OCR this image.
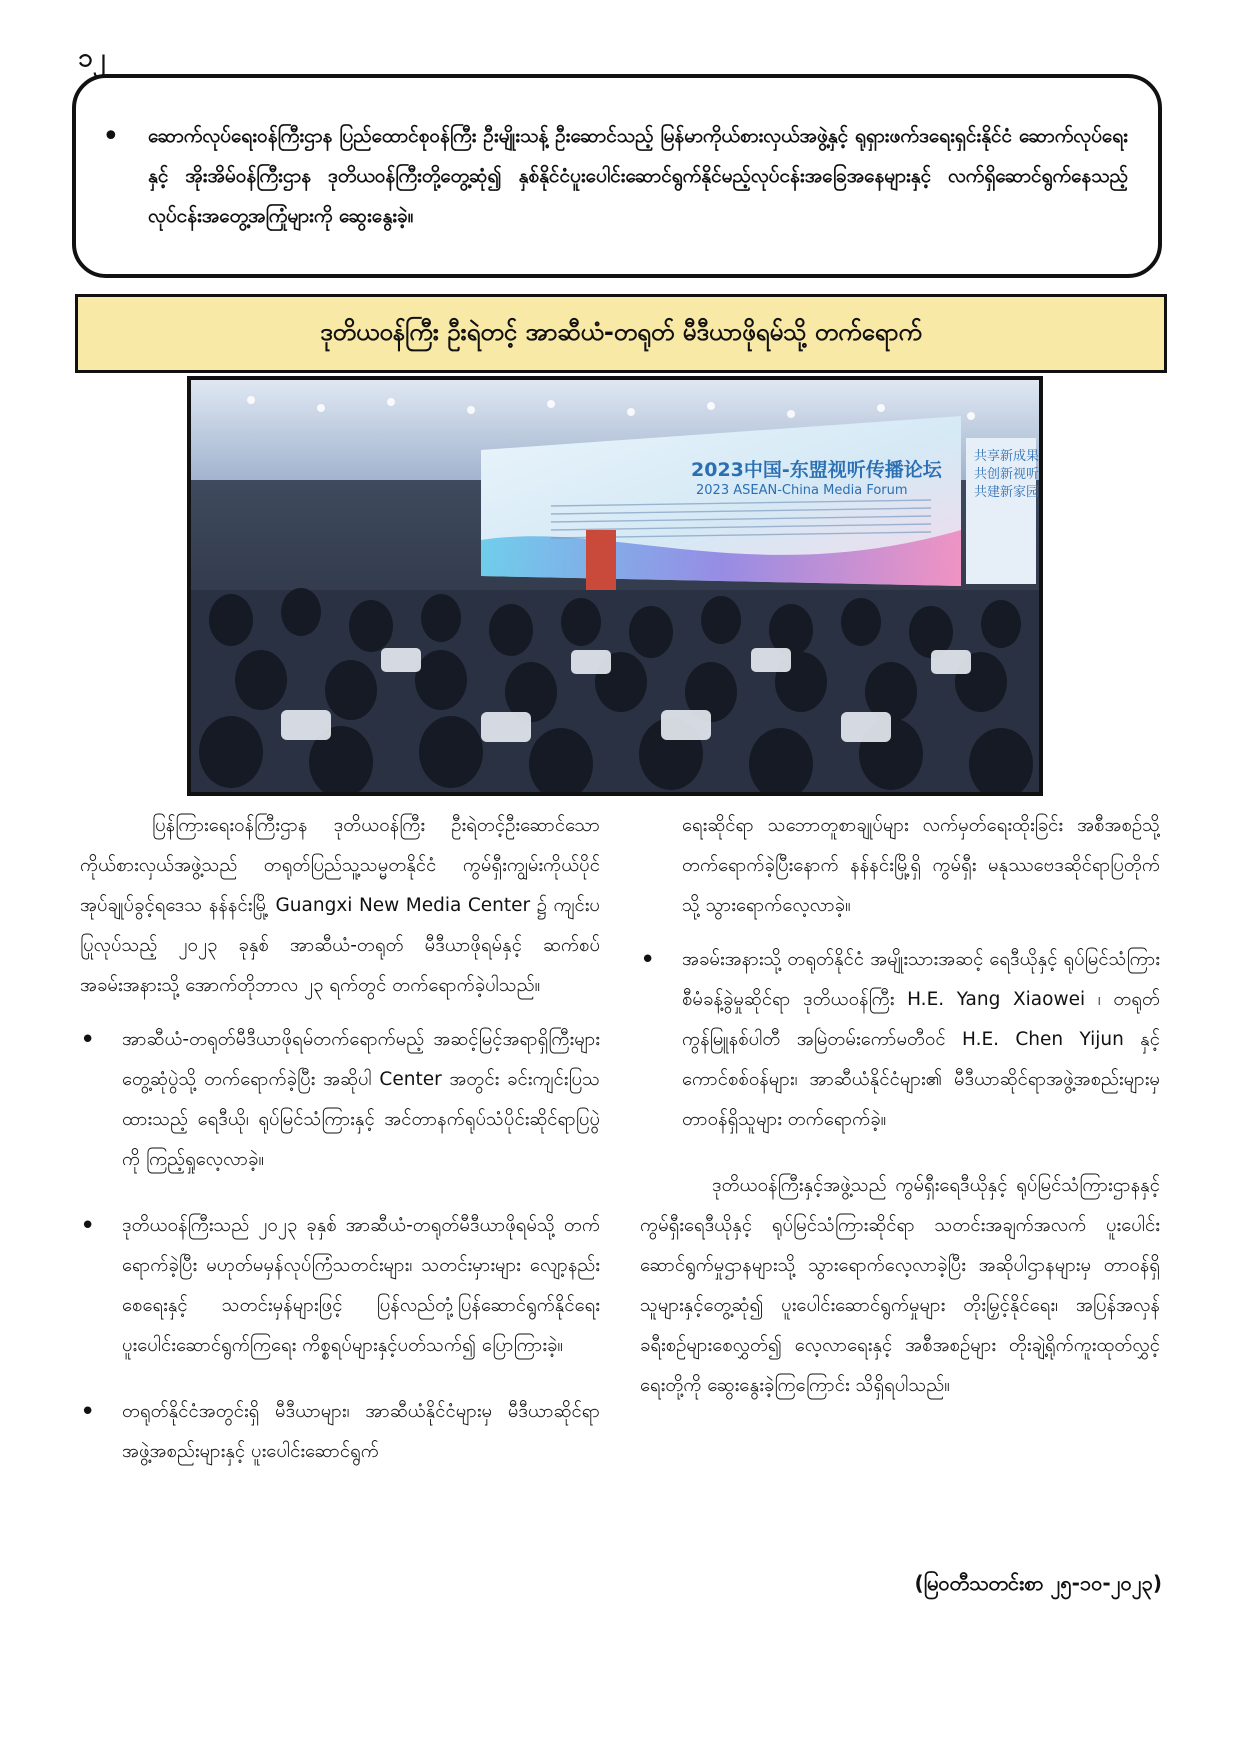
၁၂
• ဆောက်လုပ်ရေးဝန်ကြီးဌာန ပြည်ထောင်စုဝန်ကြီး ဦးမျိုးသန့် ဦးဆောင်သည့် မြန်မာကိုယ်စားလှယ်အဖွဲ့နှင့် ရုရှားဖက်ဒရေးရှင်းနိုင်ငံ ဆောက်လုပ်ရေးနှင့် အိုးအိမ်ဝန်ကြီးဌာန ဒုတိယဝန်ကြီးတို့တွေ့ဆုံ၍ နှစ်နိုင်ငံပူးပေါင်းဆောင်ရွက်နိုင်မည့်လုပ်ငန်းအခြေအနေများနှင့် လက်ရှိဆောင်ရွက်နေသည့် လုပ်ငန်းအတွေ့အကြုံများကို ဆွေးနွေးခဲ့။
ဒုတိယဝန်ကြီး ဦးရဲတင့် အာဆီယံ-တရုတ် မီဒီယာဖိုရမ်သို့ တက်ရောက်
2023中国-东盟视听传播论坛
2023 ASEAN-China Media Forum
共享新成果
共创新视听
共建新家园

ပြန်ကြားရေးဝန်ကြီးဌာန ဒုတိယဝန်ကြီး ဦးရဲတင့်ဦးဆောင်သော ကိုယ်စားလှယ်အဖွဲ့သည် တရုတ်ပြည်သူ့သမ္မတနိုင်ငံ ကွမ်ရှီးကျွမ်းကိုယ်ပိုင်အုပ်ချုပ်ခွင့်ရဒေသ နန်နင်းမြို့ Guangxi New Media Center ၌ ကျင်းပပြုလုပ်သည့် ၂၀၂၃ ခုနှစ် အာဆီယံ-တရုတ် မီဒီယာဖိုရမ်နှင့် ဆက်စပ်အခမ်းအနားသို့ အောက်တိုဘာလ ၂၃ ရက်တွင် တက်ရောက်ခဲ့ပါသည်။

• အာဆီယံ-တရုတ်မီဒီယာဖိုရမ်တက်ရောက်မည့် အဆင့်မြင့်အရာရှိကြီးများ တွေ့ဆုံပွဲသို့ တက်ရောက်ခဲ့ပြီး အဆိုပါ Center အတွင်း ခင်းကျင်းပြသထားသည့် ရေဒီယို၊ ရုပ်မြင်သံကြားနှင့် အင်တာနက်ရုပ်သံပိုင်းဆိုင်ရာပြပွဲကို ကြည့်ရှုလေ့လာခဲ့။
• ဒုတိယဝန်ကြီးသည် ၂၀၂၃ ခုနှစ် အာဆီယံ-တရုတ်မီဒီယာဖိုရမ်သို့ တက်ရောက်ခဲ့ပြီး မဟုတ်မမှန်လုပ်ကြံသတင်းများ၊ သတင်းမှားများ လျော့နည်းစေရေးနှင့် သတင်းမှန်များဖြင့် ပြန်လည်တုံ့ပြန်ဆောင်ရွက်နိုင်ရေး ပူးပေါင်းဆောင်ရွက်ကြရေး ကိစ္စရပ်များနှင့်ပတ်သက်၍ ပြောကြားခဲ့။
• တရုတ်နိုင်ငံအတွင်းရှိ မီဒီယာများ၊ အာဆီယံနိုင်ငံများမှ မီဒီယာဆိုင်ရာ အဖွဲ့အစည်းများနှင့် ပူးပေါင်းဆောင်ရွက်

ရေးဆိုင်ရာ သဘောတူစာချုပ်များ လက်မှတ်ရေးထိုးခြင်း အစီအစဉ်သို့ တက်ရောက်ခဲ့ပြီးနောက် နန်နင်းမြို့ရှိ ကွမ်ရှီး မနုဿဗေဒဆိုင်ရာပြတိုက်သို့ သွားရောက်လေ့လာခဲ့။

• အခမ်းအနားသို့ တရုတ်နိုင်ငံ အမျိုးသားအဆင့် ရေဒီယိုနှင့် ရုပ်မြင်သံကြားစီမံခန့်ခွဲမှုဆိုင်ရာ ဒုတိယဝန်ကြီး H.E. Yang Xiaowei ၊ တရုတ်ကွန်မြူနစ်ပါတီ အမြဲတမ်းကော်မတီဝင် H.E. Chen Yijun နှင့် ကောင်စစ်ဝန်များ၊ အာဆီယံနိုင်ငံများ၏ မီဒီယာဆိုင်ရာအဖွဲ့အစည်းများမှ တာဝန်ရှိသူများ တက်ရောက်ခဲ့။

ဒုတိယဝန်ကြီးနှင့်အဖွဲ့သည် ကွမ်ရှီးရေဒီယိုနှင့် ရုပ်မြင်သံကြားဌာနနှင့် ကွမ်ရှီးရေဒီယိုနှင့် ရုပ်မြင်သံကြားဆိုင်ရာ သတင်းအချက်အလက် ပူးပေါင်းဆောင်ရွက်မှုဌာနများသို့ သွားရောက်လေ့လာခဲ့ပြီး အဆိုပါဌာနများမှ တာဝန်ရှိသူများနှင့်တွေ့ဆုံ၍ ပူးပေါင်းဆောင်ရွက်မှုများ တိုးမြှင့်နိုင်ရေး၊ အပြန်အလှန် ခရီးစဉ်များစေလွှတ်၍ လေ့လာရေးနှင့် အစီအစဉ်များ တိုးချဲ့ရိုက်ကူးထုတ်လွှင့်ရေးတို့ကို ဆွေးနွေးခဲ့ကြကြောင်း သိရှိရပါသည်။

(မြဝတီသတင်းစာ ၂၅-၁၀-၂၀၂၃)
